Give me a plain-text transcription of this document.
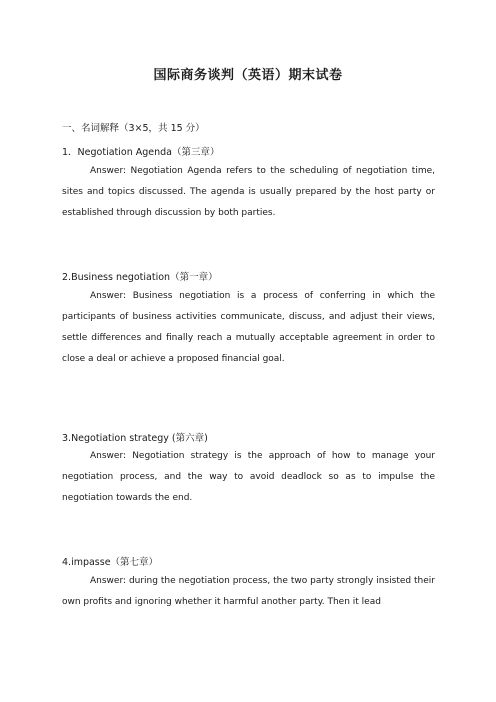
国际商务谈判（英语）期末试卷
一、名词解释（3×5，共 15 分）
1．Negotiation Agenda（第三章）
Answer: Negotiation Agenda refers to the scheduling of negotiation time, sites and topics discussed. The agenda is usually prepared by the host party or established through discussion by both parties.
2.Business negotiation（第一章）
Answer: Business negotiation is a process of conferring in which the participants of business activities communicate, discuss, and adjust their views, settle differences and finally reach a mutually acceptable agreement in order to close a deal or achieve a proposed financial goal.
3.Negotiation strategy (第六章)
Answer: Negotiation strategy is the approach of how to manage your negotiation process, and the way to avoid deadlock so as to impulse the negotiation towards the end.
4.impasse（第七章）
Answer: during the negotiation process, the two party strongly insisted their own profits and ignoring whether it harmful another party. Then it lead
